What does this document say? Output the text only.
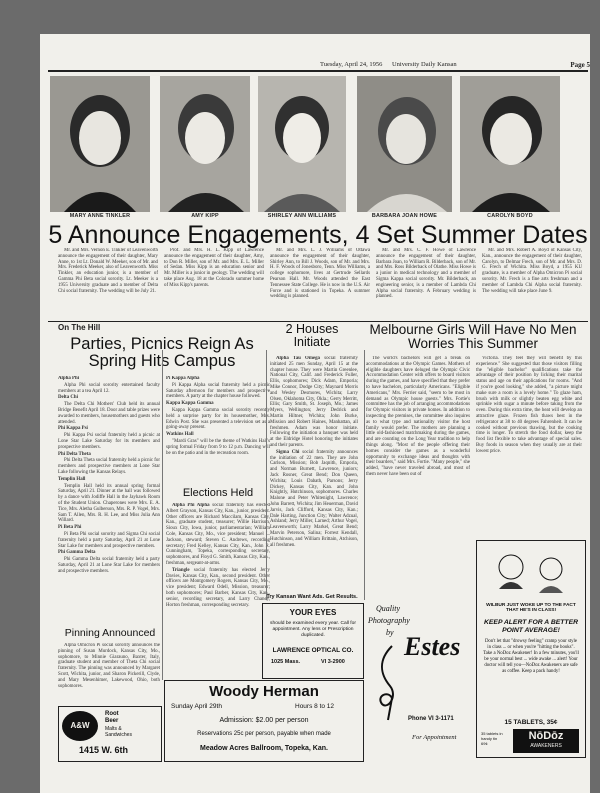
Tuesday, April 24, 1956 University Daily Kansan	Page 5
MARY ANNE TINKLER	AMY KIPP	SHIRLEY ANN WILLIAMS	BARBARA JOAN HOWE	CAROLYN BOYD
5 Announce Engagements, 4 Set Summer Dates

Mr. and Mrs. Vernon E. Tinkler of Leavenworth announce the engagement of their daughter, Mary Anne, to 1st Lt. Donald W. Meeker, son of Mr. and Mrs. Frederick Meeker, also of Leavenworth. Miss Tinkler, an education junior, is a member of Gamma Phi Beta social sorority. Lt. Meeker is a 1955 University graduate and a member of Delta Chi social fraternity. The wedding will be July 21.

Prof. and Mrs. H. L. Kipp of Lawrence announce the engagement of their daughter, Amy, to Don R. Miller, son of Mr. and Mrs. E. L. Miller of Sedan. Miss Kipp is an education senior and Mr. Miller is a junior in geology. The wedding will take place Aug. 18 at the Colorado summer home of Miss Kipp's parents.

Mr. and Mrs. L. J. Williams of Ottawa announce the engagement of their daughter, Shirley Ann, to Bill J. Woods, son of Mr. and Mrs. H. F. Woods of Jonesboro, Tenn. Miss Williams, a college sophomore, lives at Gertrude Sellards Pearson Hall. Mr. Woods attended the East Tennessee State College. He is now in the U.S. Air Force and is stationed in Topeka. A summer wedding is planned.

Mr. and Mrs. C. F. Howe of Lawrence announce the engagement of their daughter, Barbara Joan, to William R. Bilderback, son of Mr. and Mrs. Ross Bilderback of Olathe. Miss Howe is a junior in medical technology and a member of Sigma Kappa social sorority. Mr. Bilderback, an engineering senior, is a member of Lambda Chi Alpha social fraternity. A February wedding is planned.

Mr. and Mrs. Robert A. Boyd of Kansas City, Kan., announce the engagement of their daughter, Carolyn, to Delmar Frech, son of Mr. and Mrs. D. G. Frech of Wichita. Miss Boyd, a 1955 KU graduate, is a member of Alpha Omicron Pi social sorority. Mr. Frech is a fine arts freshman and a member of Lambda Chi Alpha social fraternity. The wedding will take place June 9.

On The Hill
Parties, Picnics Reign As Spring Hits Campus

Alpha Phi

Alpha Phi social sorority entertained faculty members at a tea April 12.

Delta Chi

The Delta Chi Mothers' Club held its annual Bridge Benefit April 18. Door and table prizes were awarded to members, housemothers and guests who attended.

Phi Kappa Psi

Phi Kappa Psi social fraternity held a picnic at Lone Star Lake Saturday for its members and prospective members.

Phi Delta Theta

Phi Delta Theta social fraternity held a picnic for members and prospective members at Lone Star Lake following the Kansas Relays.

Templin Hall

Templin Hall held its annual spring formal Saturday, April 21. Dinner at the hall was followed by a dance with Jodiffe Hall in the Jayhawk Room of the Student Union. Chaperones were Mrs. E. A. Tice, Mrs. Aletha Gulberson, Mrs. R. P. Vogel, Mrs. Sam T. Allen, Mrs. R. H. Lee, and Miss Julia Ann Willard.

Pi Beta Phi

Pi Beta Phi social sorority and Sigma Chi social fraternity held a party Saturday, April 21 at Lone Star Lake for members and prospective members.

Phi Gamma Delta

Phi Gamma Delta social fraternity held a party Saturday, April 21 at Lone Star Lake for members and prospective members.

Pi Kappa Alpha

Pi Kappa Alpha social fraternity held a picnic Saturday afternoon for members and prospective members. A party at the chapter house followed.

Kappa Kappa Gamma

Kappa Kappa Gamma social sorority recently held a surprise party for its housemother, Mrs. Edwin Post. She was presented a television set as a going-away present.

Watkins Hall

"Mardi Gras" will be the theme of Watkins Hall's spring formal Friday from 9 to 12 p.m. Dancing will be on the patio and in the recreation room.

Elections Held

Alpha Phi Alpha social fraternity has elected Albert Grayson, Kansas City, Kan., junior, president. Other officers are Richard Maccilam, Kansas City, Kan., graduate student, treasurer; Willie Harrison, Sioux City, Iowa, junior, parliamentarian; William Cole, Kansas City, Mo., vice president; Manuel L. Jackson, steward; Steven C. Andrews, recording secretary; Fred Kelley, Kansas City, Kan., John R. Cunningham, Topeka, corresponding secretary, sophomores, and Floyd G. Smith, Kansas City, Kan., freshman, sergeant-at-arms.

Triangle social fraternity has elected Jerry Davies, Kansas City, Kan., second president. Other officers are Montgomery Rogers, Kansas City, Mo., vice president; Edward Odell, Mission, treasurer; both sophomores; Paul Barber, Kansas City, Kan., senior, recording secretary, and Larry Chaney, Horton freshman, corresponding secretary.

Pinning Announced

Alpha Omicron Pi social sorority announces the pinning of Susan Murdock, Kansas City, Mo., sophomore, to Minnie Giarauno, Baxter, Italy, graduate student and member of Theta Chi social fraternity. The pinning was announced by Margaret Scott, Wichita, junior, and Sharon Pickerill, Clyde, and Mary Mesenhimer, Lakewood, Ohio, both sophomores.

A&W
Root
Beer
Malts &
Sandwiches
1415 W. 6th
2 Houses Initiate

Alpha Tau Omega social fraternity initiated 25 men Sunday, April 15 at the chapter house. They were Martin Greenlee, National City, Calif. and Frederick Fuller, Ellis, sophomores; Dick Adam, Emporia; Mike Connor, Dodge City; Maynard Morris and Wesley Desmores, Wichita; Larry Olsen, Oklahoma City, Okla.; Gerry Merritt, Ellis; Gary Smith, St. Joseph, Mo.; James Myers, Wellington; Jerry Dedrick and Martin Hiltner, Wichita; John Burke, Mission and Robert Haines, Manhattan, all freshmen. Adam was honor initiate. Following the initiation a banquet was held at the Eldridge Hotel honoring the initiates and their parents.

Sigma Chi social fraternity announces the initiation of 22 men. They are John Carlson, Mission; Bob Jaqnith, Emporia, and Norman Burnett, Lawrence, juniors; Jack Rosner, Great Bend; Don Queen, Wichita; Louis Dabath, Parsons; Jerry Dickey, Kansas City, Kan. and John Knightly, Hutchinson, sophomores. Charles Malone and Peter Whitenight, Lawrence; John Barrett, Wichita; Jim Heuerman, David Jarvis, Jack Clifford, Kansas City, Kan.; Dale Harting, Junction City; Walter Adzual, Ashland; Jerry Miller, Larned; Arthur Vogel, Leavenworth; Larry Markel, Great Bend; Marvin Peterson, Salina; Forrest Kendall, Hutchinson, and William Brittain, Atchison, all freshmen.

Try Kansan Want Ads. Get Results.
YOUR EYES
should be examined every year. Call for appointment. Any lens or Prescription duplicated.
LAWRENCE OPTICAL CO.
1025 Mass.	VI 3-2900
Melbourne Girls Will Have No Men Worries This Summer

The world's bachelors will get a break on accommodations at the Olympic Games. Mothers of eligible daughters have deluged the Olympic Civic Accommodation Center with offers to board visitors during the games, and have specified that they prefer to have bachelors, particularly Americans. "Eligible Americans," Mrs. Ferrier said, "seem to be most in demand as Olympic house guests." Mrs. Fortie's committee has the job of arranging accommodations for Olympic visitors in private homes. In addition to inspecting the premises, the committee also inquires as to what type and nationality visitor the host family would prefer. The mothers are planning a little old-fashioned matchmaking during the games, and are counting on the Long Year tradition to help things along. "Most of the people offering their homes consider the games as a wonderful opportunity to exchange ideas and thoughts with their boarders," said Mrs. Fortie. "Many people," she added, "have never traveled abroad, and most of them never have been out of

Victoria. They feel they will benefit by this experience." She suggested that those visitors filling the "eligible bachelor" qualifications take the advantage of their position by licking their marital status and age on their applications for rooms. "And if you're good looking," she added, "a picture might make sure a room is a lovely home." To glaze ham, brush with milk or slightly beaten egg white and sprinkle with sugar a minute before taking from the oven. During this extra time, the heat will develop an attractive glaze. Frozen fish thaws best in the refrigerator at 38 to 40 degrees Fahrenheit. It can be cooked without previous thawing, but the cooking time is longer. To stretch the food dollar, keep the food list flexible to take advantage of special sales. Buy foods in season when they usually are at their lowest price.

Quality
Photography
by Estes
Phone VI 3-1171
For Appointment
Woody Herman
Sunday April 29th	Hours 8 to 12
Admission: $2.00 per person
Reservations 25c per person, payable when made
Meadow Acres Ballroom, Topeka, Kan.
WILBUR JUST WOKE UP TO THE FACT THAT HE'S IN CLASS!
KEEP ALERT FOR A BETTER POINT AVERAGE!
Don't let that "drowsy feeling" cramp your style in class ... or when you're "hitting the books". Take a NoDoz Awakener! In a few minutes, you'll be your normal best ... wide awake ... alert! Your doctor will tell you—NoDoz Awakeners are safe as coffee. Keep a pack handy!
15 TABLETS, 35¢
35 tablets in handy tin 69¢
NōDōz
AWAKENERS
